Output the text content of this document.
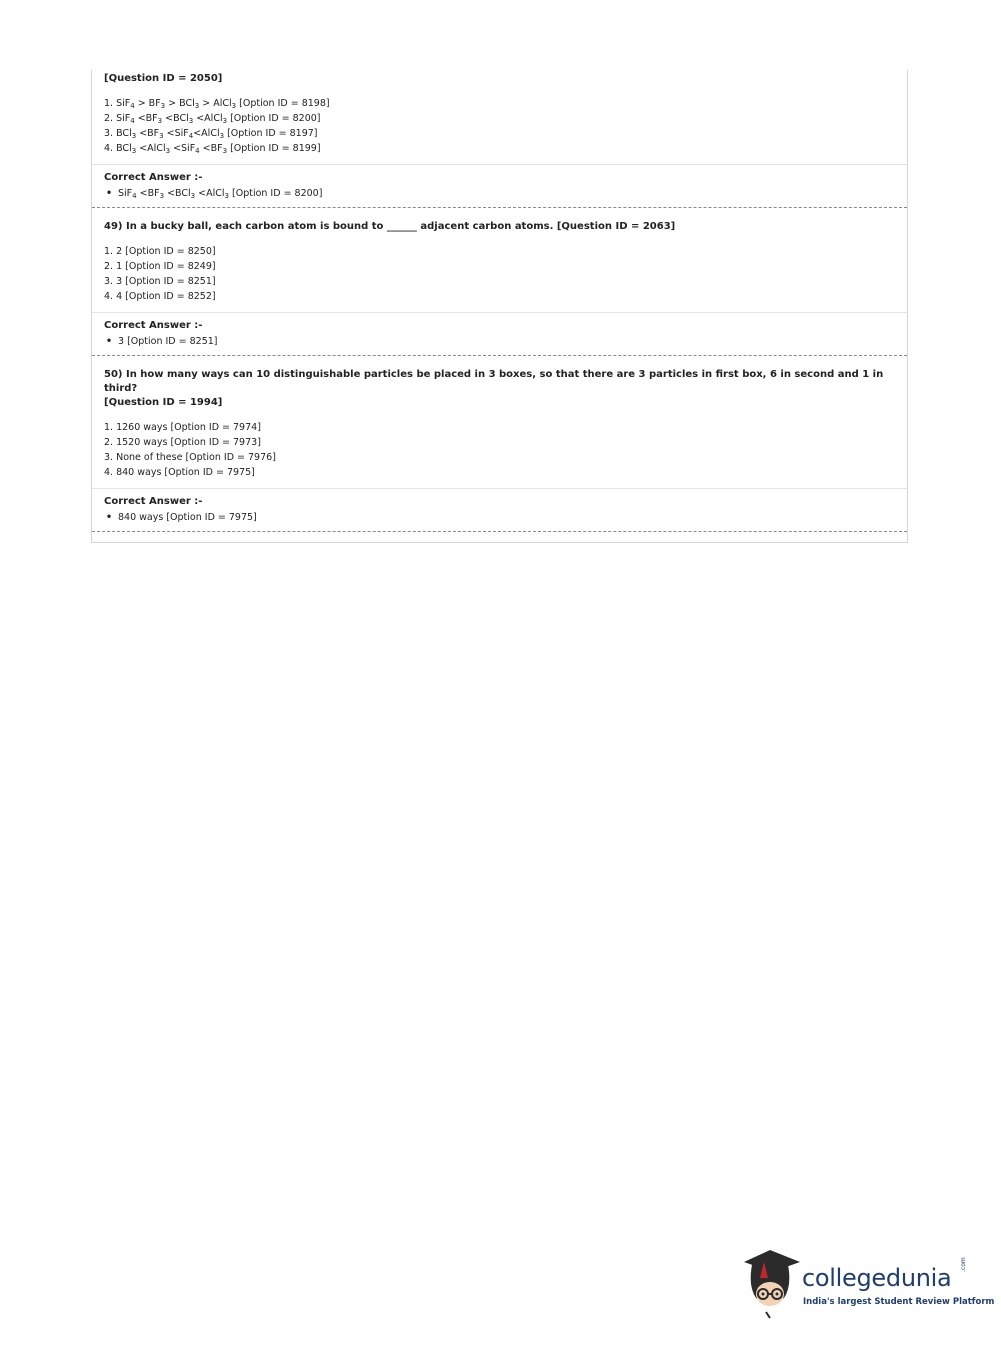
[Question ID = 2050]
1. $SiF_4 > BF_3 > BCl_3$ > AlCl$_3$ [Option ID = 8198]
2. $SiF_4 <BF_3 <BCl_3$ <AlCl$_3$ [Option ID = 8200]
3. $BCl_3 <BF_3$ <SiF$_4$<AlCl$_3$ [Option ID = 8197]
4. BCl$_3$ <AlCl$_3$ $<SiF_4 <BF_3$ [Option ID = 8199]
Correct Answer :-
• $SiF_4 <BF_3 <BCl_3$ <AlCl$_3$ [Option ID = 8200]
49) In a bucky ball, each carbon atom is bound to ______ adjacent carbon atoms. [Question ID = 2063]
1. 2 [Option ID = 8250]
2. 1 [Option ID = 8249]
3. 3 [Option ID = 8251]
4. 4 [Option ID = 8252]
Correct Answer :-
• 3 [Option ID = 8251]
50) In how many ways can 10 distinguishable particles be placed in 3 boxes, so that there are 3 particles in first box, 6 in second and 1 in third?
[Question ID = 1994]
1. 1260 ways [Option ID = 7974]
2. 1520 ways [Option ID = 7973]
3. None of these [Option ID = 7976]
4. 840 ways [Option ID = 7975]
Correct Answer :-
• 840 ways [Option ID = 7975]
collegedunia .com
India's largest Student Review Platform
